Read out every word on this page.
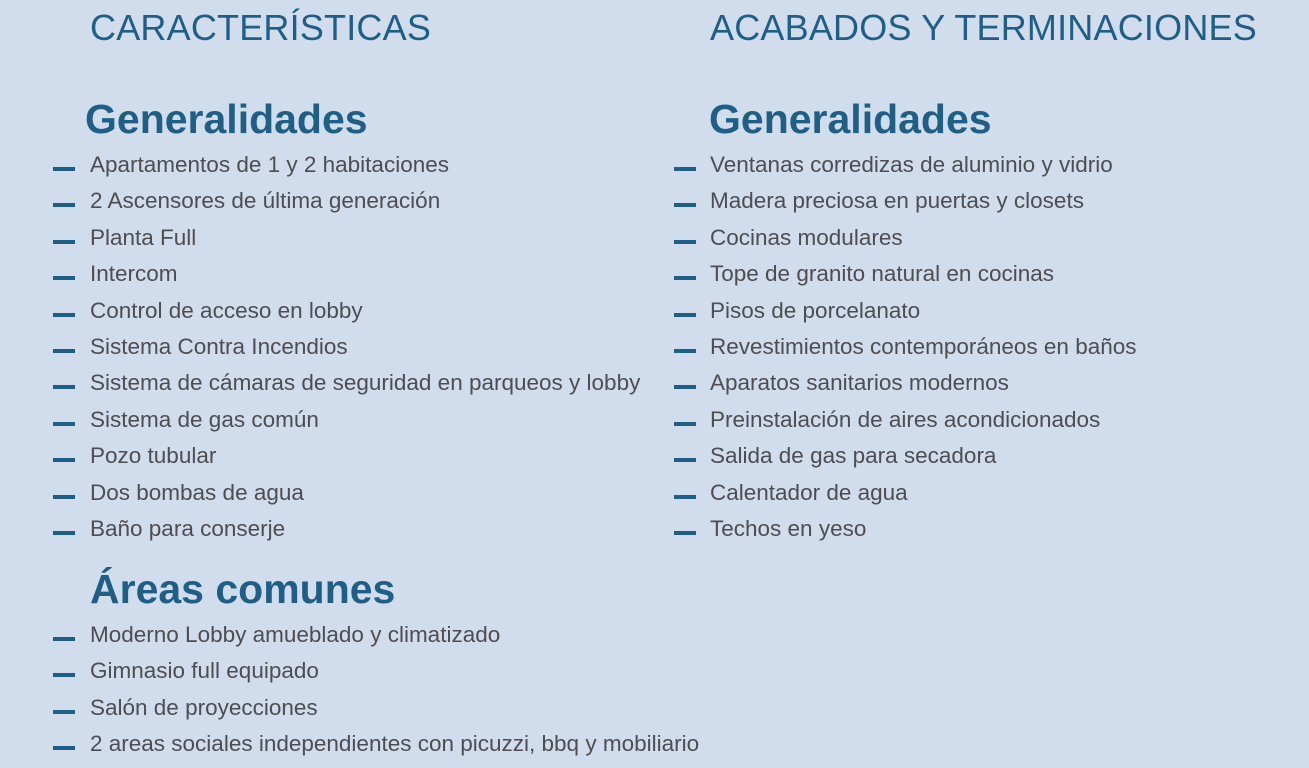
CARACTERÍSTICAS	ACABADOS Y TERMINACIONES
Generalidades	Generalidades
Apartamentos de 1 y 2 habitaciones
2 Ascensores de última generación
Planta Full
Intercom
Control de acceso en lobby
Sistema Contra Incendios
Sistema de cámaras de seguridad en parqueos y lobby
Sistema de gas común
Pozo tubular
Dos bombas de agua
Baño para conserje
Ventanas corredizas de aluminio y vidrio
Madera preciosa en puertas y closets
Cocinas modulares
Tope de granito natural en cocinas
Pisos de porcelanato
Revestimientos contemporáneos en baños
Aparatos sanitarios modernos
Preinstalación de aires acondicionados
Salida de gas para secadora
Calentador de agua
Techos en yeso
Áreas comunes
Moderno Lobby amueblado y climatizado
Gimnasio full equipado
Salón de proyecciones
2 areas sociales independientes con picuzzi, bbq y mobiliario
